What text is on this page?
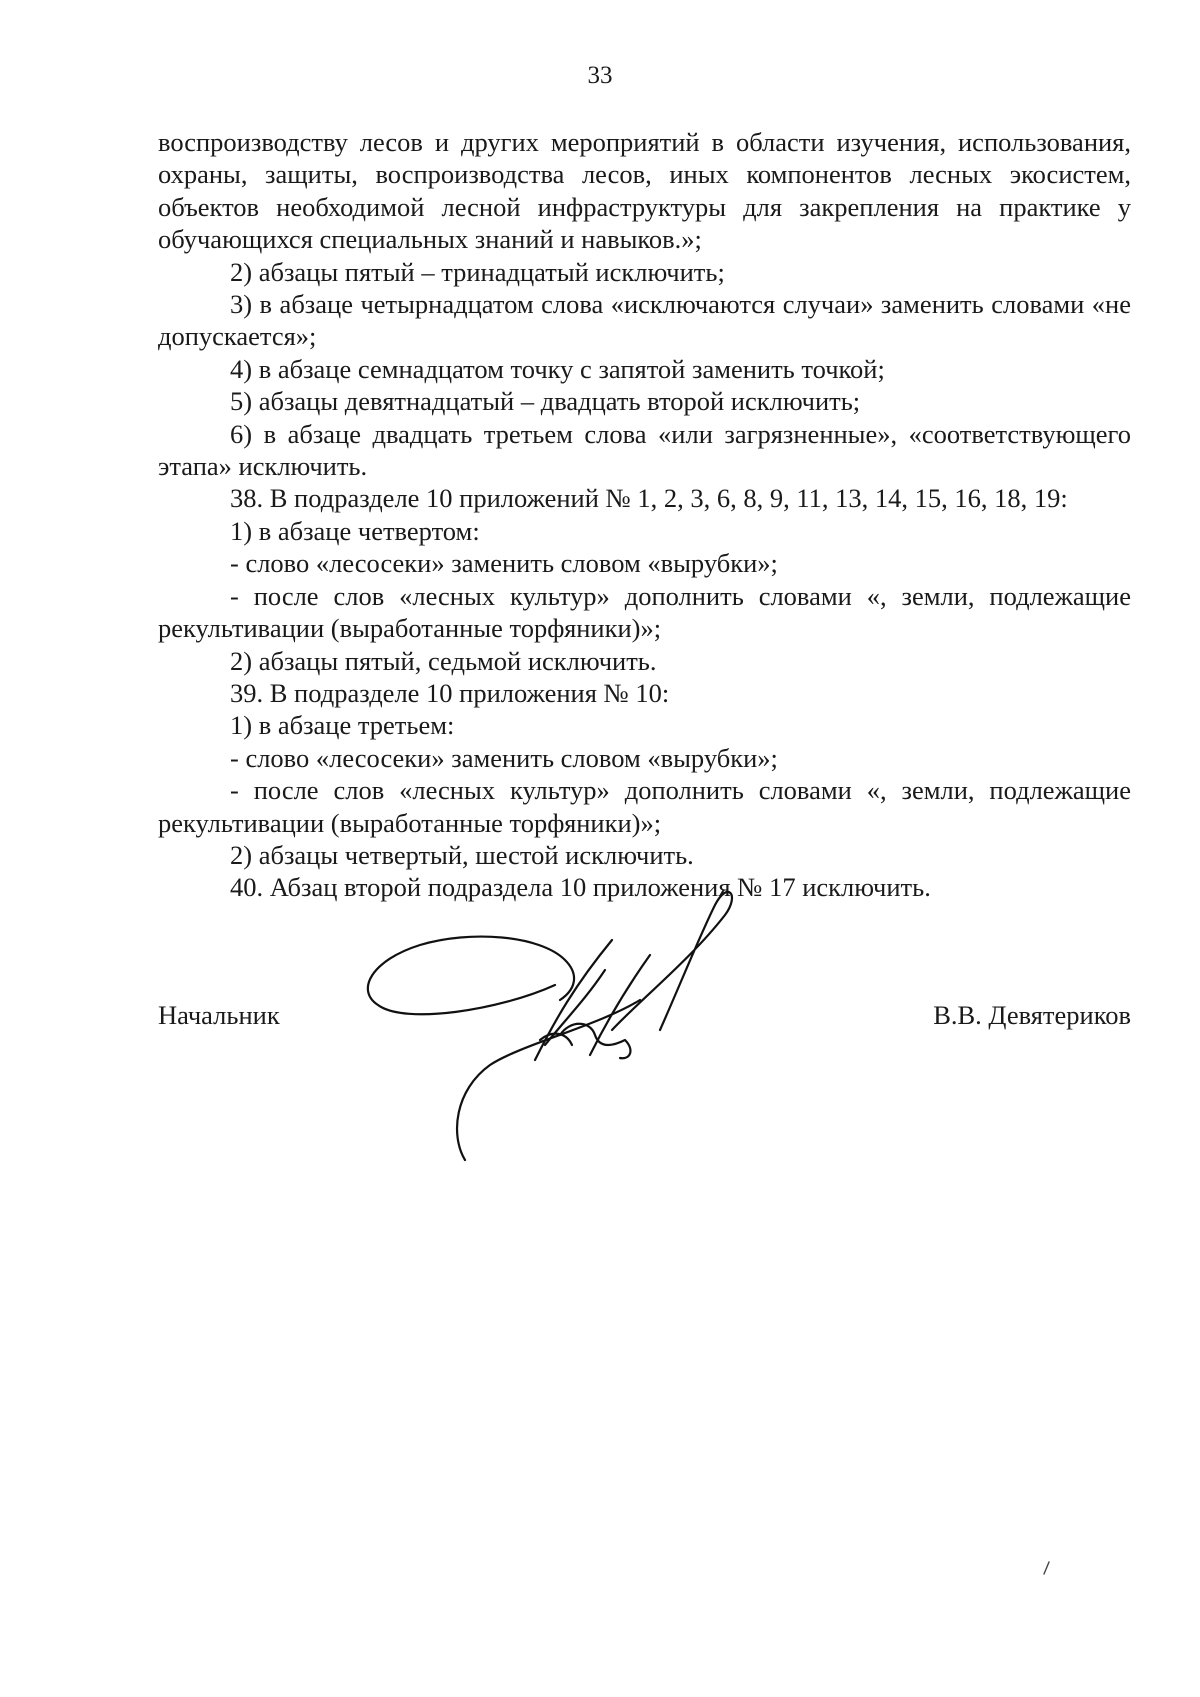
33

воспроизводству лесов и других мероприятий в области изучения, использования, охраны, защиты, воспроизводства лесов, иных компонентов лесных экосистем, объектов необходимой лесной инфраструктуры для закрепления на практике у обучающихся специальных знаний и навыков.»;

2) абзацы пятый – тринадцатый исключить;

3) в абзаце четырнадцатом слова «исключаются случаи» заменить словами «не допускается»;

4) в абзаце семнадцатом точку с запятой заменить точкой;

5) абзацы девятнадцатый – двадцать второй исключить;

6) в абзаце двадцать третьем слова «или загрязненные», «соответствующего этапа» исключить.

38. В подразделе 10 приложений № 1, 2, 3, 6, 8, 9, 11, 13, 14, 15, 16, 18, 19:

1) в абзаце четвертом:

- слово «лесосеки» заменить словом «вырубки»;

- после слов «лесных культур» дополнить словами «, земли, подлежащие рекультивации (выработанные торфяники)»;

2) абзацы пятый, седьмой исключить.

39. В подразделе 10 приложения № 10:

1) в абзаце третьем:

- слово «лесосеки» заменить словом «вырубки»;

- после слов «лесных культур» дополнить словами «, земли, подлежащие рекультивации (выработанные торфяники)»;

2) абзацы четвертый, шестой исключить.

40. Абзац второй подраздела 10 приложения № 17 исключить.

Начальник	В.В. Девятериков
